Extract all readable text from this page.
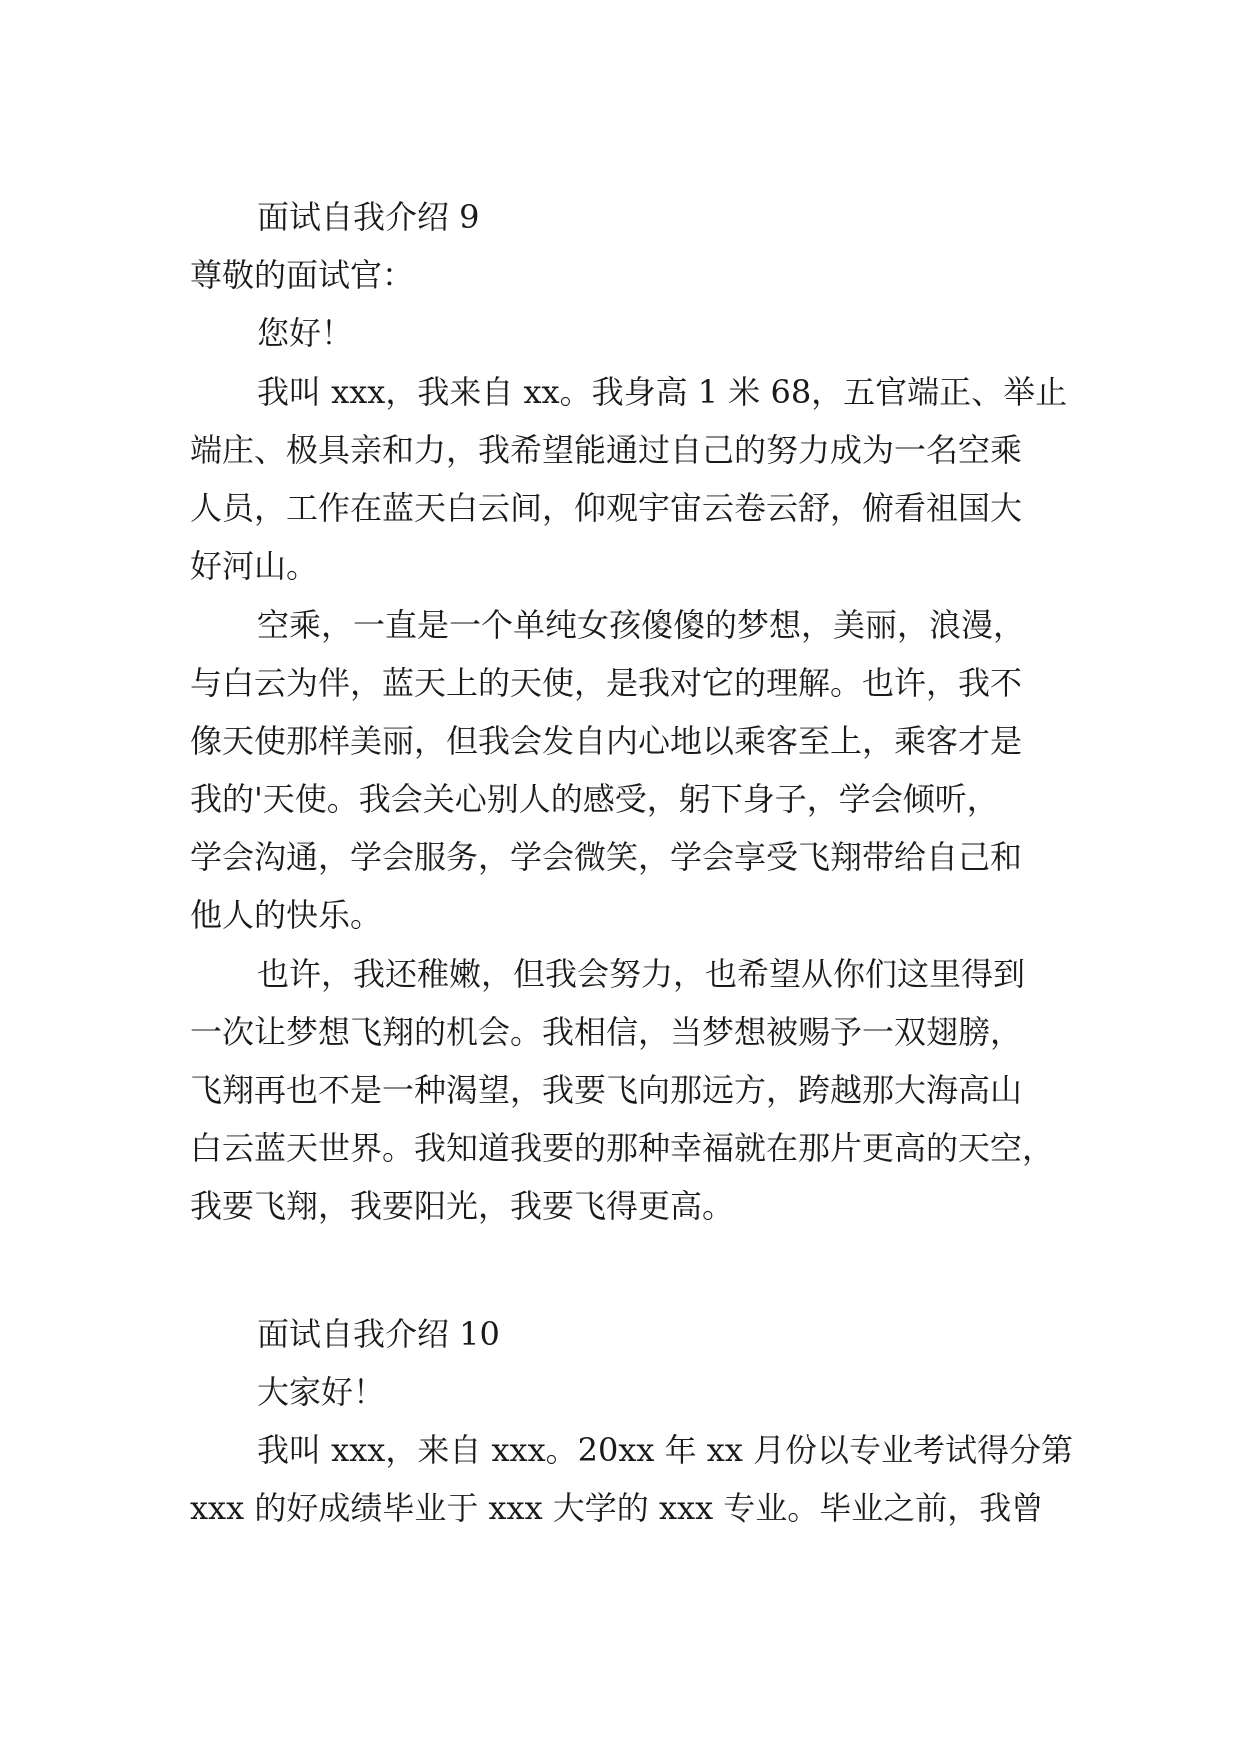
面试自我介绍 9
尊敬的面试官：
您好！
我叫 xxx，我来自 xx。我身高 1 米 68，五官端正、举止
端庄、极具亲和力，我希望能通过自己的努力成为一名空乘
人员，工作在蓝天白云间，仰观宇宙云卷云舒，俯看祖国大
好河山。
空乘，一直是一个单纯女孩傻傻的梦想，美丽，浪漫，
与白云为伴，蓝天上的天使，是我对它的理解。也许，我不
像天使那样美丽，但我会发自内心地以乘客至上，乘客才是
我的'天使。我会关心别人的感受，躬下身子，学会倾听，
学会沟通，学会服务，学会微笑，学会享受飞翔带给自己和
他人的快乐。
也许，我还稚嫩，但我会努力，也希望从你们这里得到
一次让梦想飞翔的机会。我相信，当梦想被赐予一双翅膀，
飞翔再也不是一种渴望，我要飞向那远方，跨越那大海高山
白云蓝天世界。我知道我要的那种幸福就在那片更高的天空，
我要飞翔，我要阳光，我要飞得更高。
面试自我介绍 10
大家好！
我叫 xxx，来自 xxx。20xx 年 xx 月份以专业考试得分第
xxx 的好成绩毕业于 xxx 大学的 xxx 专业。毕业之前，我曾
